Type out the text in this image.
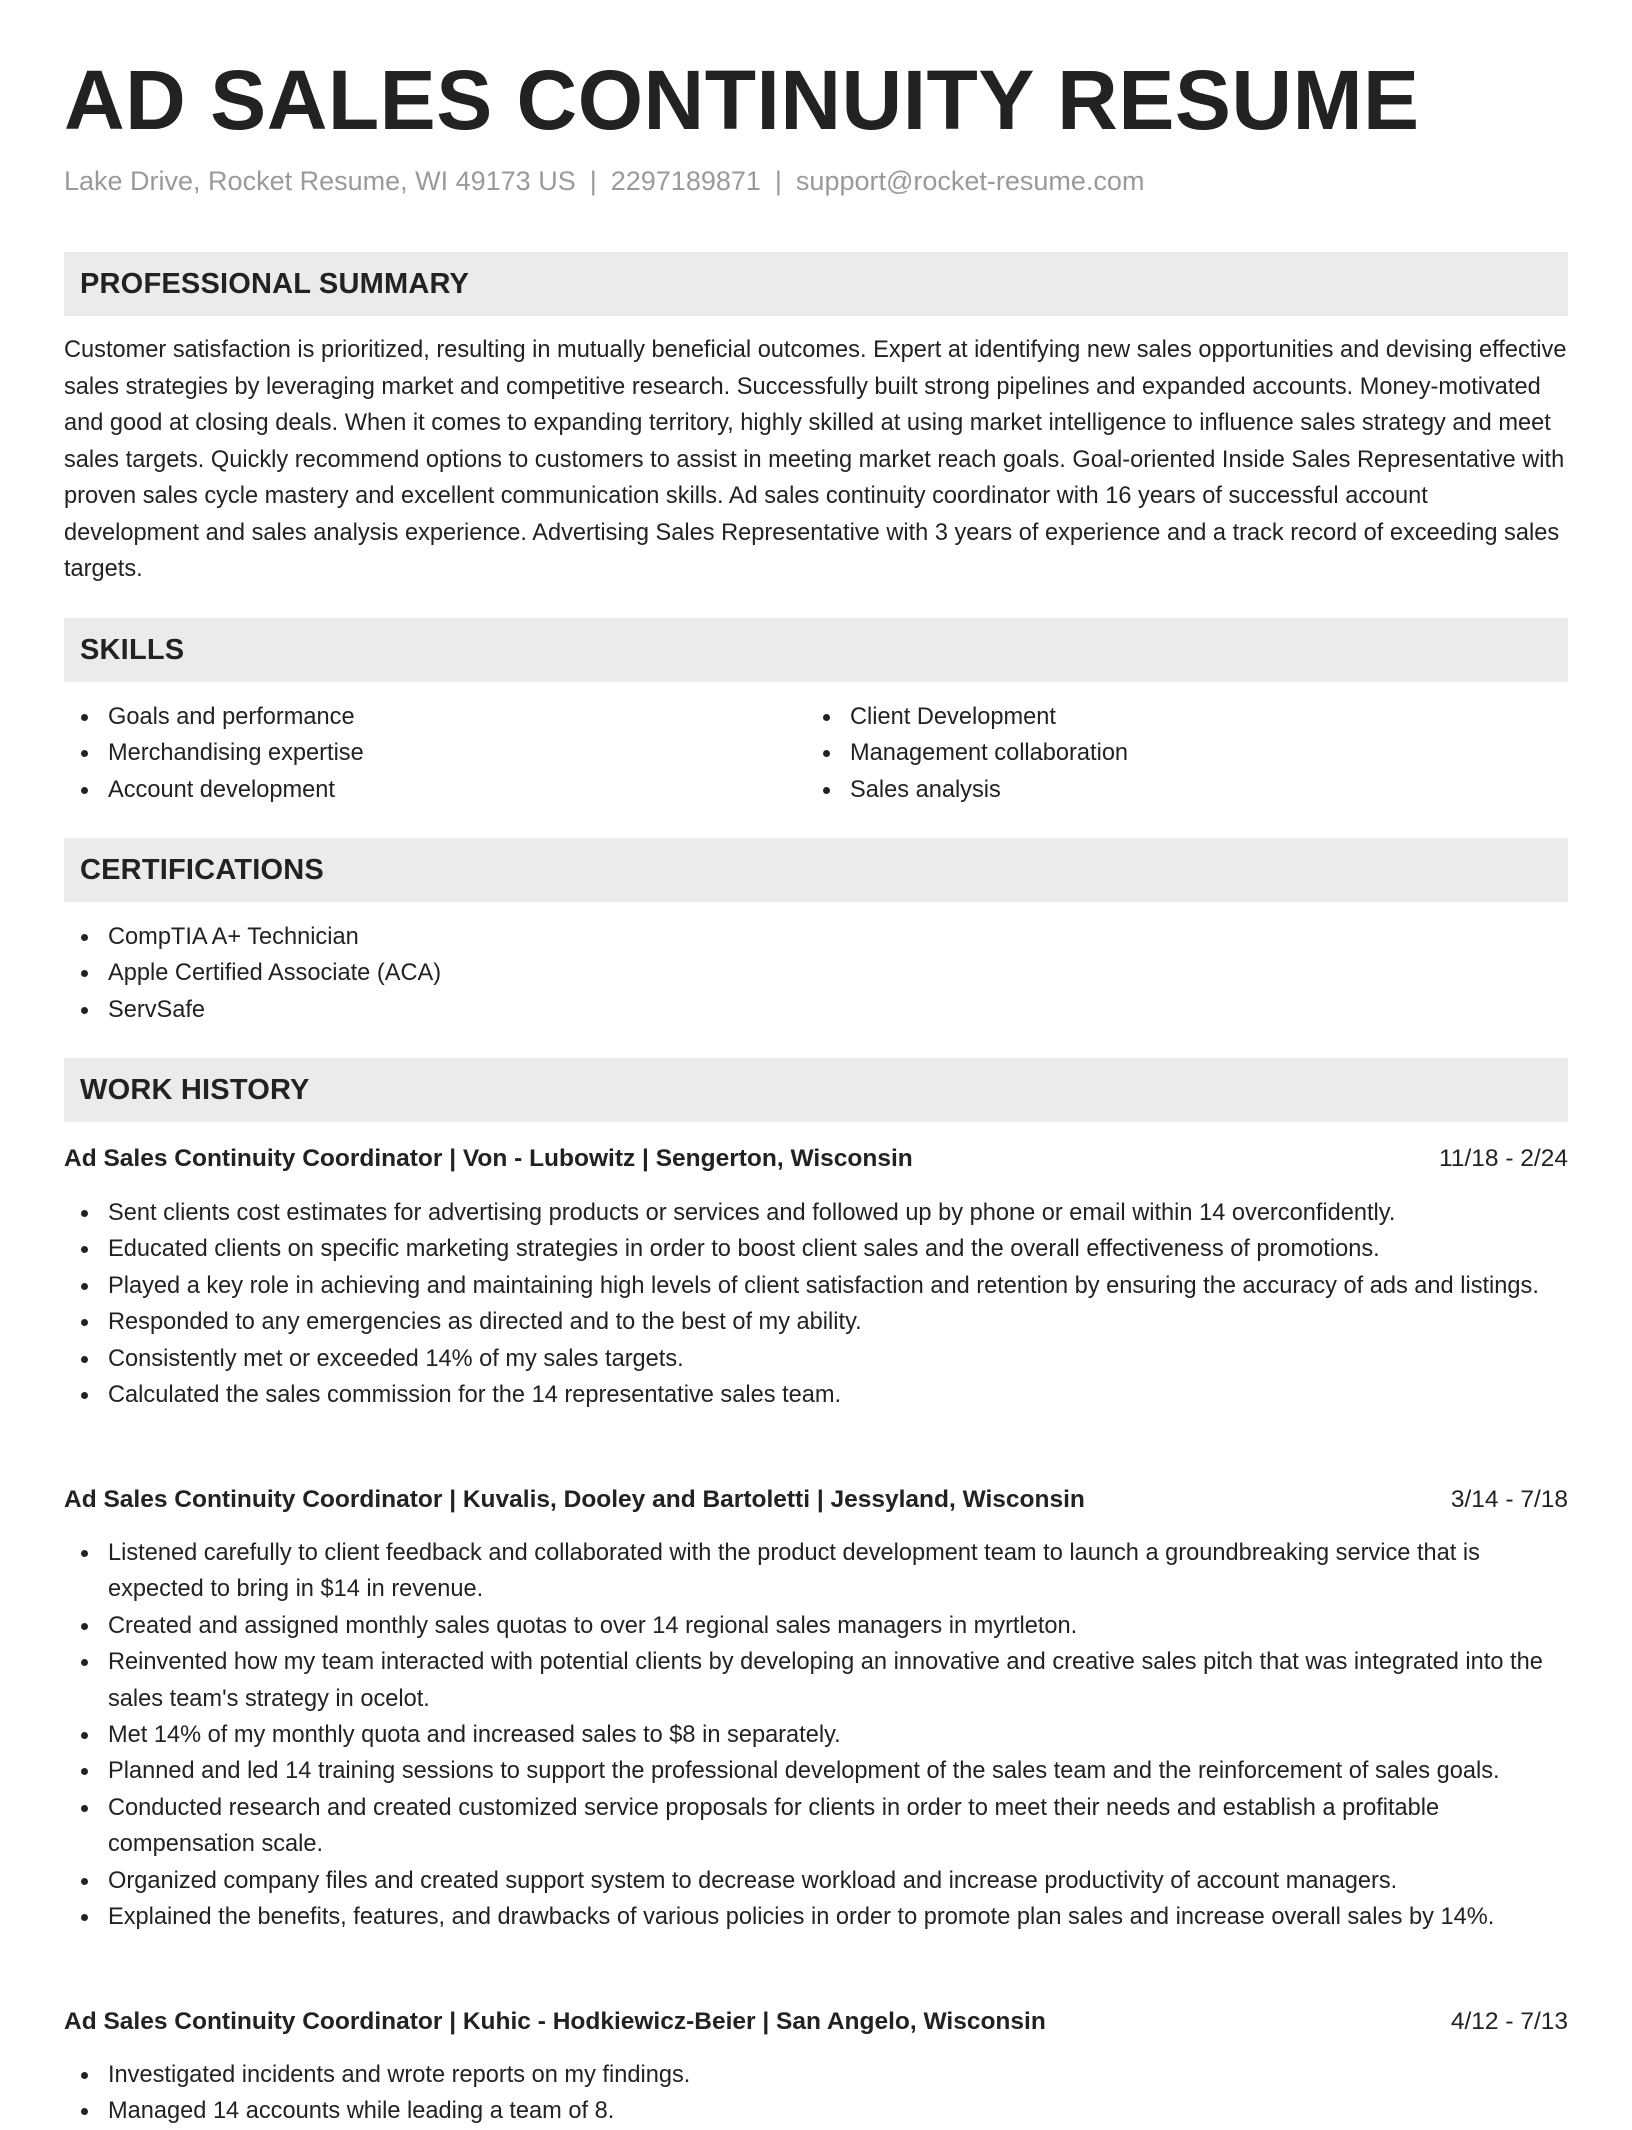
AD SALES CONTINUITY RESUME
Lake Drive, Rocket Resume, WI 49173 US | 2297189871 | support@rocket-resume.com
PROFESSIONAL SUMMARY

Customer satisfaction is prioritized, resulting in mutually beneficial outcomes. Expert at identifying new sales opportunities and devising effective sales strategies by leveraging market and competitive research. Successfully built strong pipelines and expanded accounts. Money-motivated and good at closing deals. When it comes to expanding territory, highly skilled at using market intelligence to influence sales strategy and meet sales targets. Quickly recommend options to customers to assist in meeting market reach goals. Goal-oriented Inside Sales Representative with proven sales cycle mastery and excellent communication skills. Ad sales continuity coordinator with 16 years of successful account development and sales analysis experience. Advertising Sales Representative with 3 years of experience and a track record of exceeding sales targets.

SKILLS
Goals and performance
Merchandising expertise
Account development
Client Development
Management collaboration
Sales analysis
CERTIFICATIONS
CompTIA A+ Technician
Apple Certified Associate (ACA)
ServSafe
WORK HISTORY
Ad Sales Continuity Coordinator | Von - Lubowitz | Sengerton, Wisconsin	11/18 - 2/24
Sent clients cost estimates for advertising products or services and followed up by phone or email within 14 overconfidently.
Educated clients on specific marketing strategies in order to boost client sales and the overall effectiveness of promotions.
Played a key role in achieving and maintaining high levels of client satisfaction and retention by ensuring the accuracy of ads and listings.
Responded to any emergencies as directed and to the best of my ability.
Consistently met or exceeded 14% of my sales targets.
Calculated the sales commission for the 14 representative sales team.
Ad Sales Continuity Coordinator | Kuvalis, Dooley and Bartoletti | Jessyland, Wisconsin	3/14 - 7/18
Listened carefully to client feedback and collaborated with the product development team to launch a groundbreaking service that is expected to bring in $14 in revenue.
Created and assigned monthly sales quotas to over 14 regional sales managers in myrtleton.
Reinvented how my team interacted with potential clients by developing an innovative and creative sales pitch that was integrated into the sales team's strategy in ocelot.
Met 14% of my monthly quota and increased sales to $8 in separately.
Planned and led 14 training sessions to support the professional development of the sales team and the reinforcement of sales goals.
Conducted research and created customized service proposals for clients in order to meet their needs and establish a profitable compensation scale.
Organized company files and created support system to decrease workload and increase productivity of account managers.
Explained the benefits, features, and drawbacks of various policies in order to promote plan sales and increase overall sales by 14%.
Ad Sales Continuity Coordinator | Kuhic - Hodkiewicz-Beier | San Angelo, Wisconsin	4/12 - 7/13
Investigated incidents and wrote reports on my findings.
Managed 14 accounts while leading a team of 8.
